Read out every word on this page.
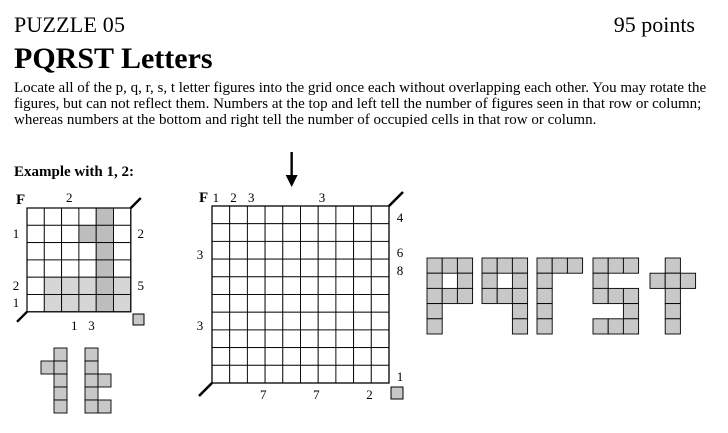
PUZZLE 05	95 points
PQRST Letters
Locate all of the p, q, r, s, t letter figures into the grid once each without overlapping each other. You may rotate the figures, but can not reflect them. Numbers at the top and left tell the number of figures seen in that row or column; whereas numbers at the bottom and right tell the number of occupied cells in that row or column.
Example with 1, 2:
F	2
1
2
1
2
5
1 3
F 1 2 3	3
3
3
4
6
8
1
7	7	2
